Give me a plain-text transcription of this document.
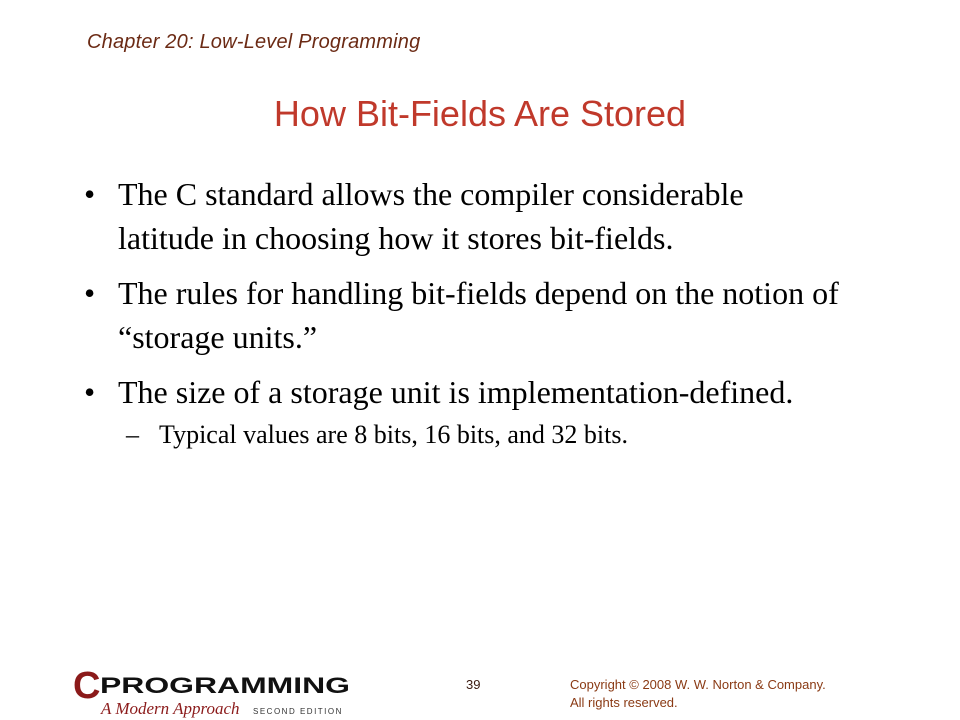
Chapter 20: Low-Level Programming
How Bit-Fields Are Stored
• The C standard allows the compiler considerable latitude in choosing how it stores bit-fields.
• The rules for handling bit-fields depend on the notion of “storage units.”
• The size of a storage unit is implementation-defined.
– Typical values are 8 bits, 16 bits, and 32 bits.
C PROGRAMMING
A Modern Approach SECOND EDITION
39	Copyright © 2008 W. W. Norton & Company.
All rights reserved.
